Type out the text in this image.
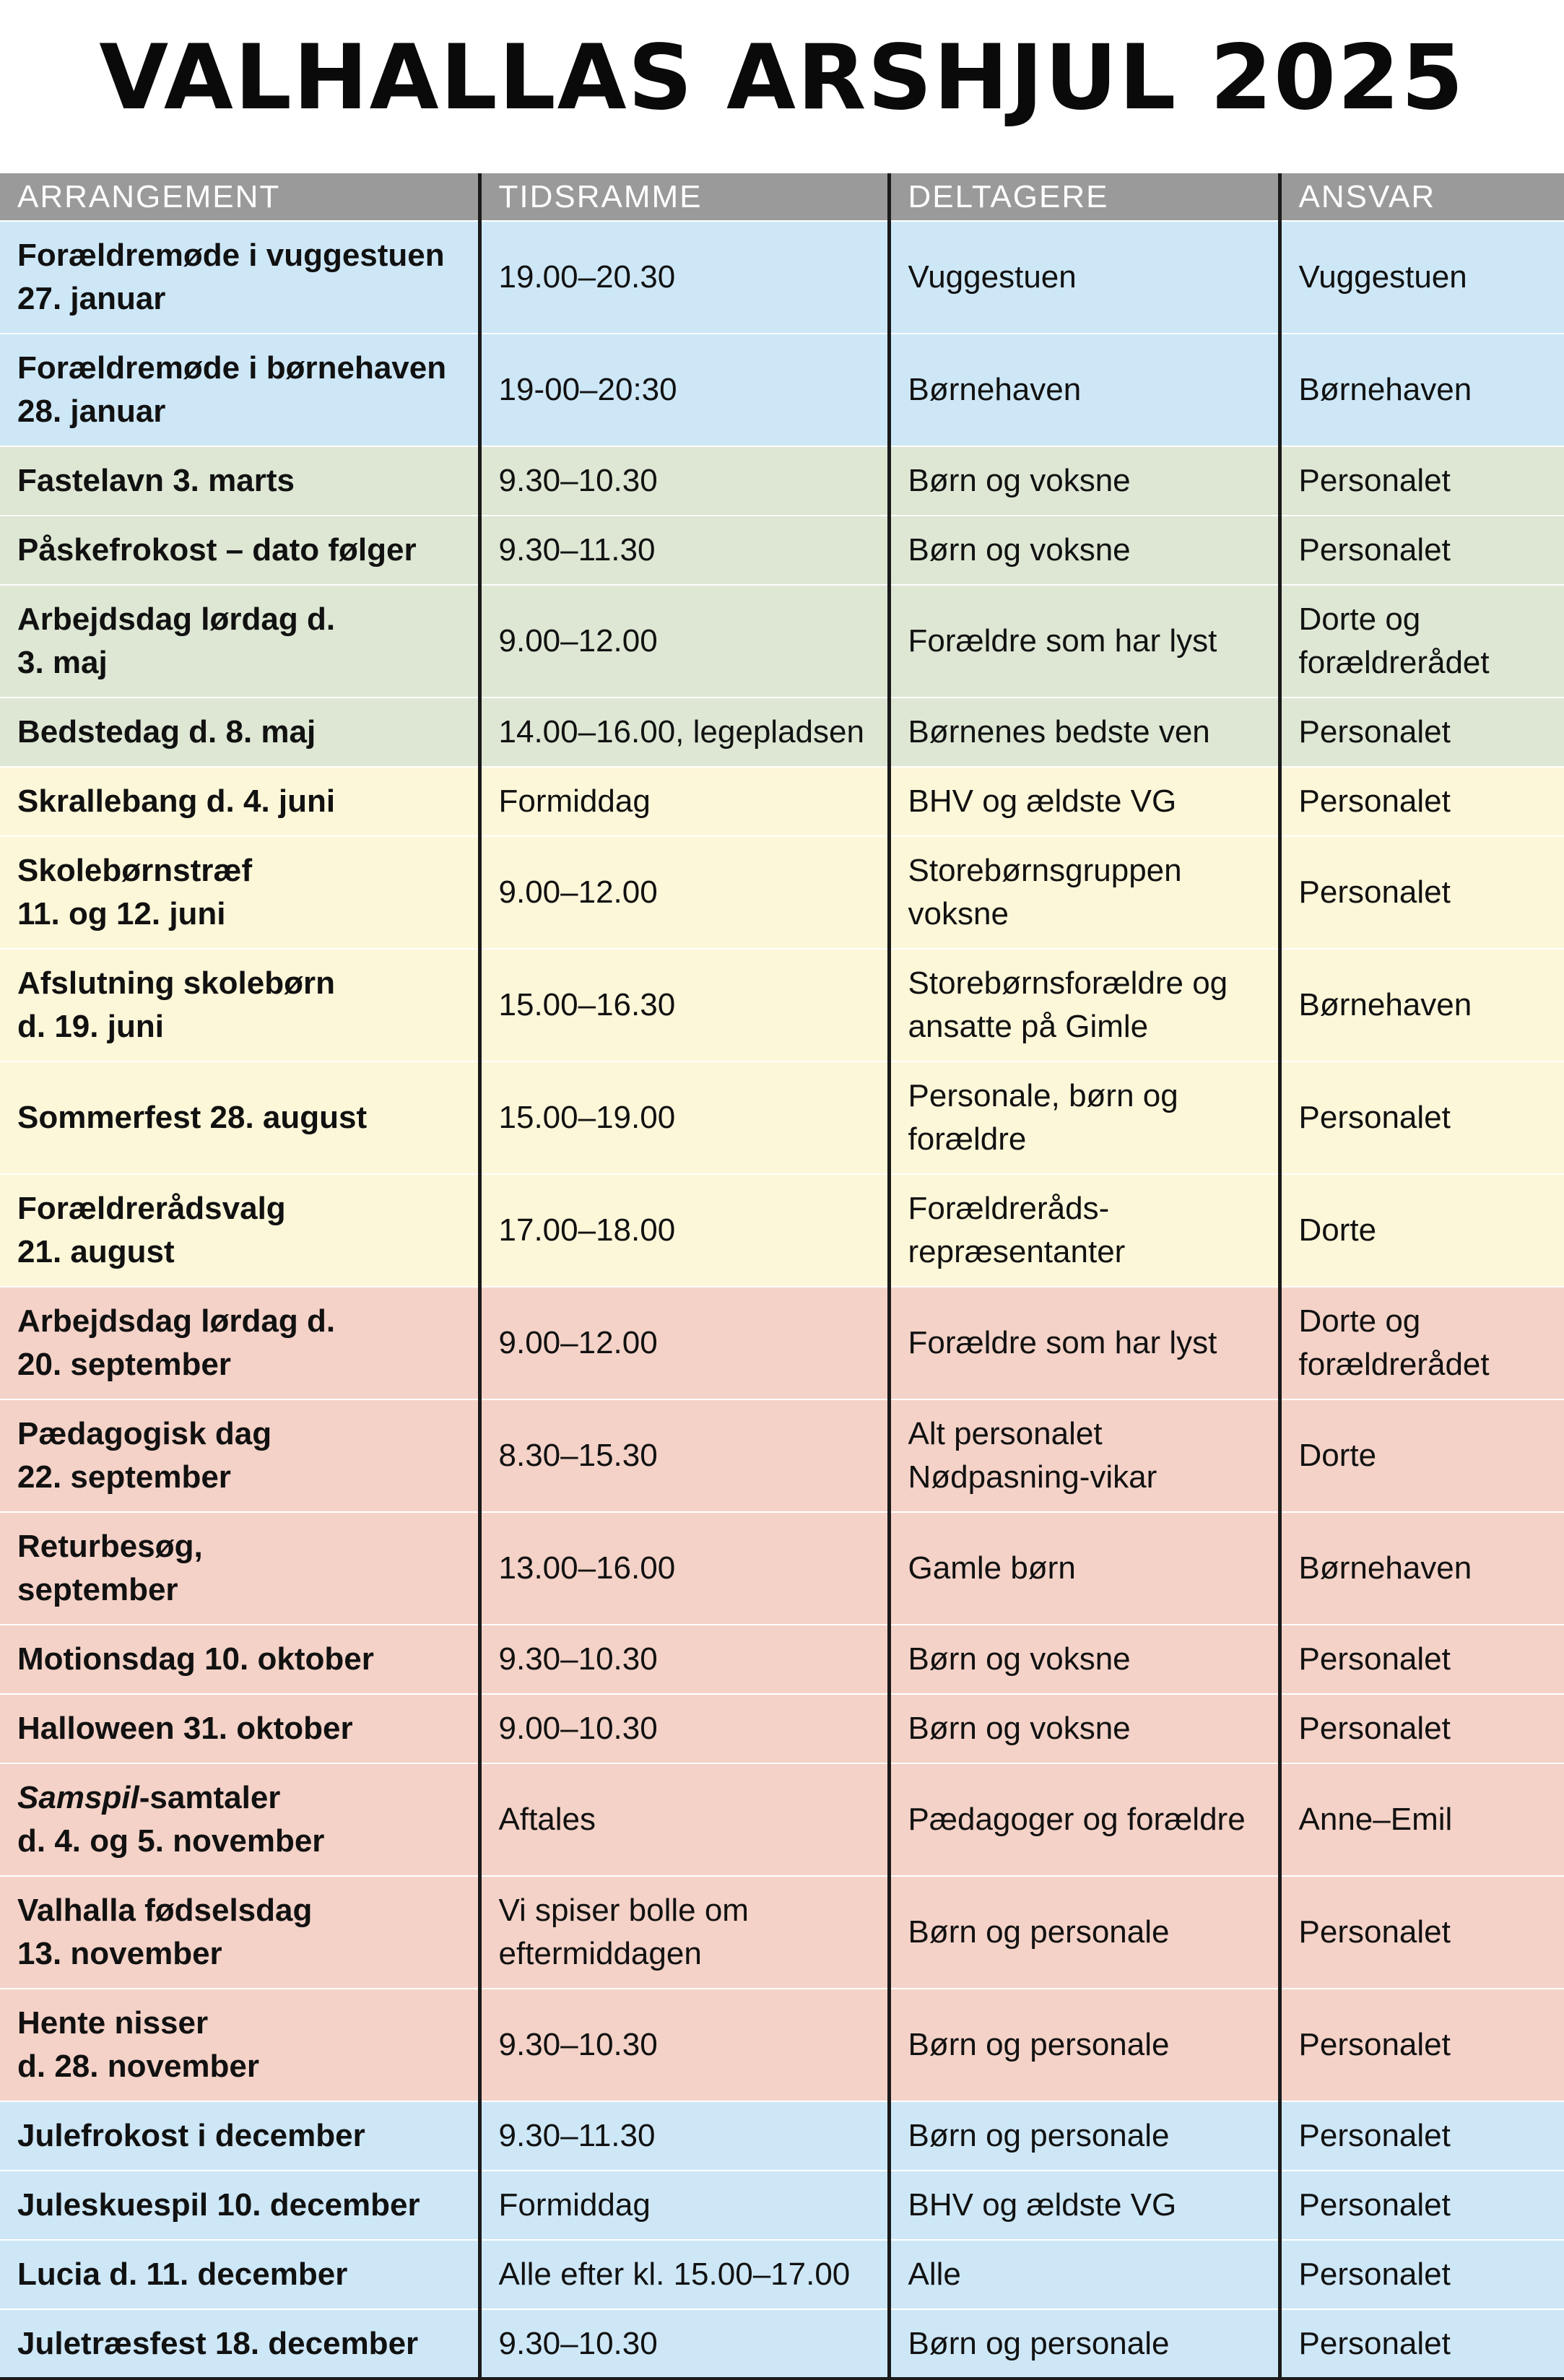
VALHALLAS ARSHJUL 2025
ARRANGEMENT	TIDSRAMME	DELTAGERE	ANSVAR

Forældremøde i vuggestuen
27. januar	19.00–20.30	Vuggestuen	Vuggestuen

Forældremøde i børnehaven
28. januar	19-00–20:30	Børnehaven	Børnehaven

Fastelavn 3. marts	9.30–10.30	Børn og voksne	Personalet

Påskefrokost – dato følger	9.30–11.30	Børn og voksne	Personalet

Arbejdsdag lørdag d.
3. maj	9.00–12.00	Forældre som har lyst	Dorte og
forældrerådet

Bedstedag d. 8. maj	14.00–16.00, legepladsen	Børnenes bedste ven	Personalet

Skrallebang d. 4. juni	Formiddag	BHV og ældste VG	Personalet

Skolebørnstræf
11. og 12. juni	9.00–12.00	Storebørnsgruppen
voksne	Personalet

Afslutning skolebørn
d. 19. juni	15.00–16.30	Storebørnsforældre og
ansatte på Gimle	Børnehaven

Sommerfest 28. august	15.00–19.00	Personale, børn og
forældre	Personalet

Forældrerådsvalg
21. august	17.00–18.00	Forældreråds-
repræsentanter	Dorte

Arbejdsdag lørdag d.
20. september	9.00–12.00	Forældre som har lyst	Dorte og
forældrerådet

Pædagogisk dag
22. september	8.30–15.30	Alt personalet
Nødpasning-vikar	Dorte

Returbesøg,
september	13.00–16.00	Gamle børn	Børnehaven

Motionsdag 10. oktober	9.30–10.30	Børn og voksne	Personalet

Halloween 31. oktober	9.00–10.30	Børn og voksne	Personalet

Samspil-samtaler
d. 4. og 5. november	Aftales	Pædagoger og forældre	Anne–Emil

Valhalla fødselsdag
13. november	Vi spiser bolle om
eftermiddagen	Børn og personale	Personalet

Hente nisser
d. 28. november	9.30–10.30	Børn og personale	Personalet

Julefrokost i december	9.30–11.30	Børn og personale	Personalet

Juleskuespil 10. december	Formiddag	BHV og ældste VG	Personalet

Lucia d. 11. december	Alle efter kl. 15.00–17.00	Alle	Personalet

Juletræsfest 18. december	9.30–10.30	Børn og personale	Personalet
